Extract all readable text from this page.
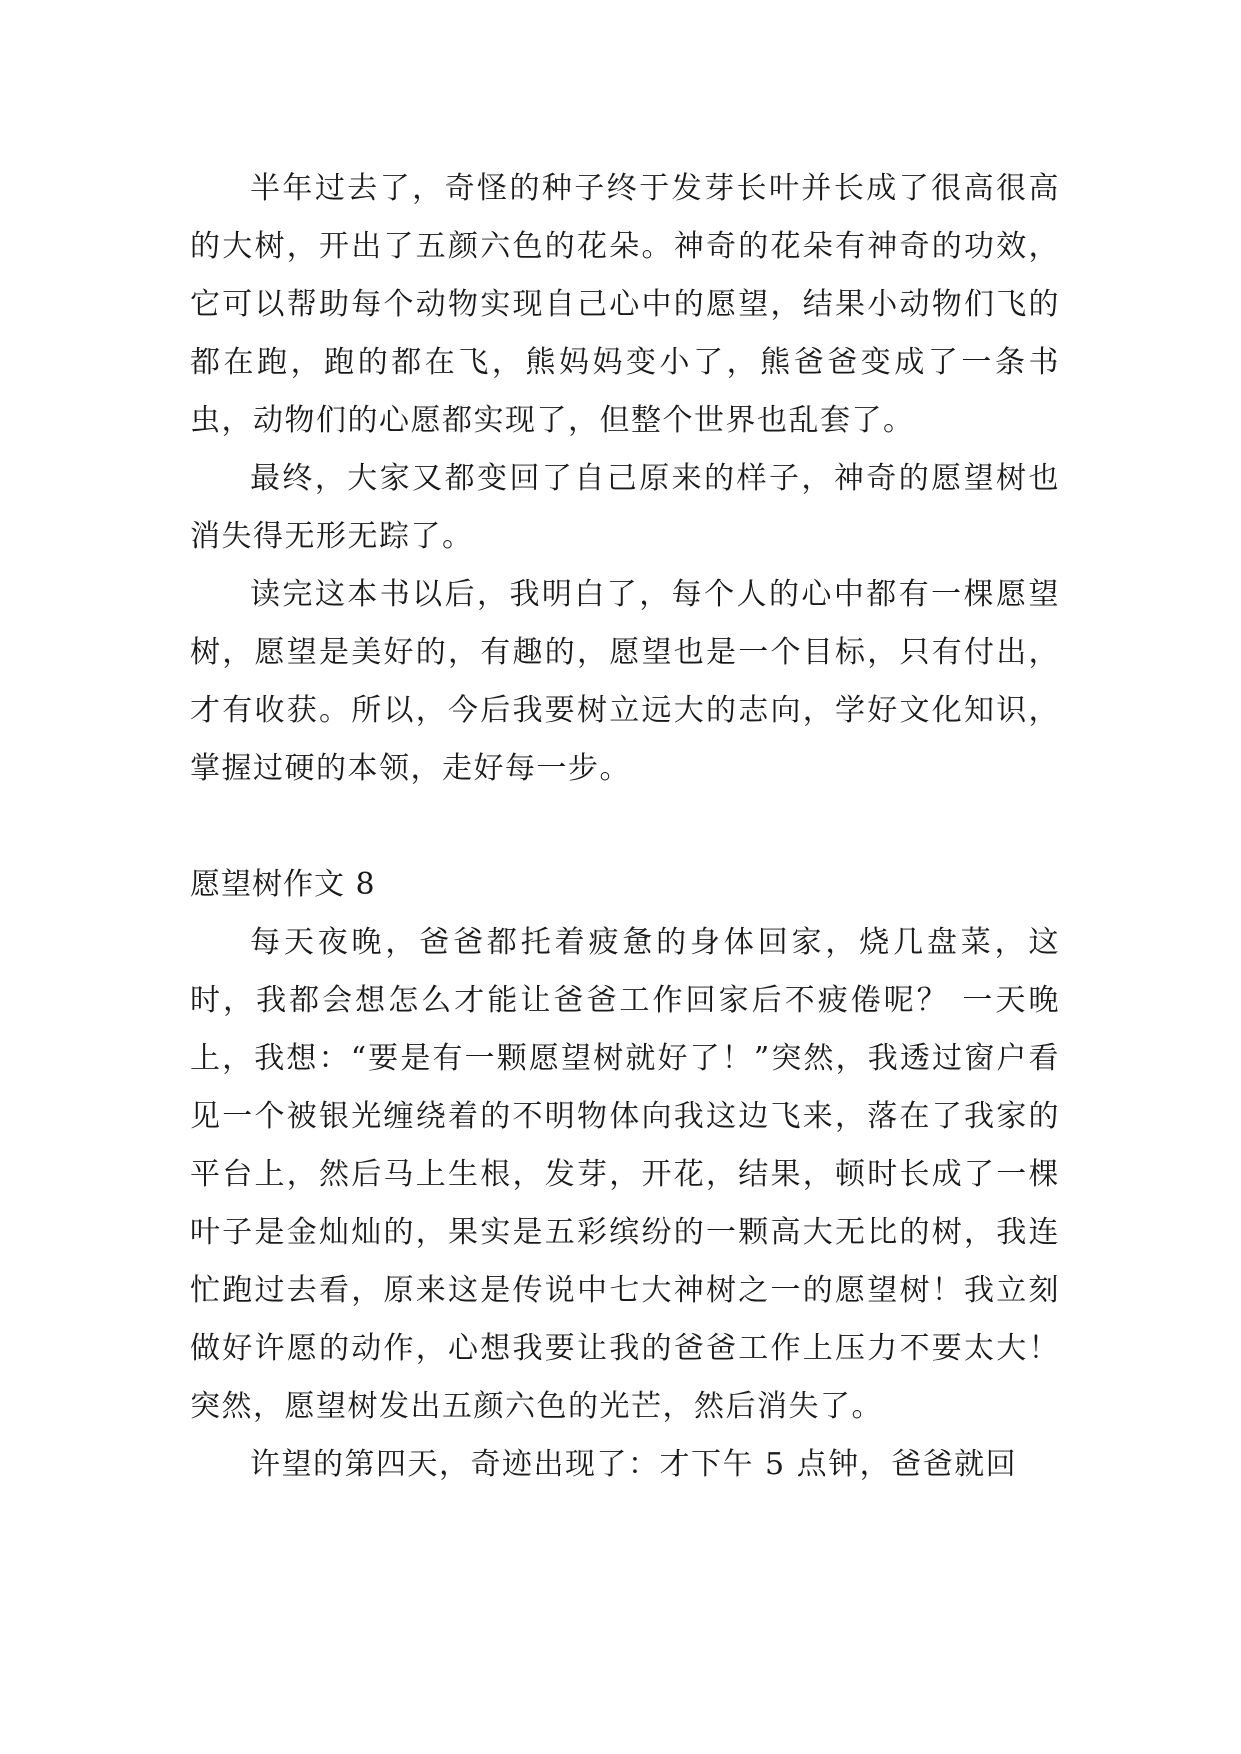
半年过去了，奇怪的种子终于发芽长叶并长成了很高很高的大树，开出了五颜六色的花朵。神奇的花朵有神奇的功效，它可以帮助每个动物实现自己心中的愿望，结果小动物们飞的都在跑，跑的都在飞，熊妈妈变小了，熊爸爸变成了一条书虫，动物们的心愿都实现了，但整个世界也乱套了。

最终，大家又都变回了自己原来的样子，神奇的愿望树也消失得无形无踪了。

读完这本书以后，我明白了，每个人的心中都有一棵愿望树，愿望是美好的，有趣的，愿望也是一个目标，只有付出，才有收获。所以，今后我要树立远大的志向，学好文化知识，掌握过硬的本领，走好每一步。

愿望树作文 8

每天夜晚，爸爸都托着疲惫的身体回家，烧几盘菜，这时，我都会想怎么才能让爸爸工作回家后不疲倦呢？ 一天晚上，我想：“要是有一颗愿望树就好了！”突然，我透过窗户看见一个被银光缠绕着的不明物体向我这边飞来，落在了我家的平台上，然后马上生根，发芽，开花，结果，顿时长成了一棵叶子是金灿灿的，果实是五彩缤纷的一颗高大无比的树，我连忙跑过去看，原来这是传说中七大神树之一的愿望树！我立刻做好许愿的动作，心想我要让我的爸爸工作上压力不要太大！突然，愿望树发出五颜六色的光芒，然后消失了。

许望的第四天，奇迹出现了：才下午 5 点钟，爸爸就回
